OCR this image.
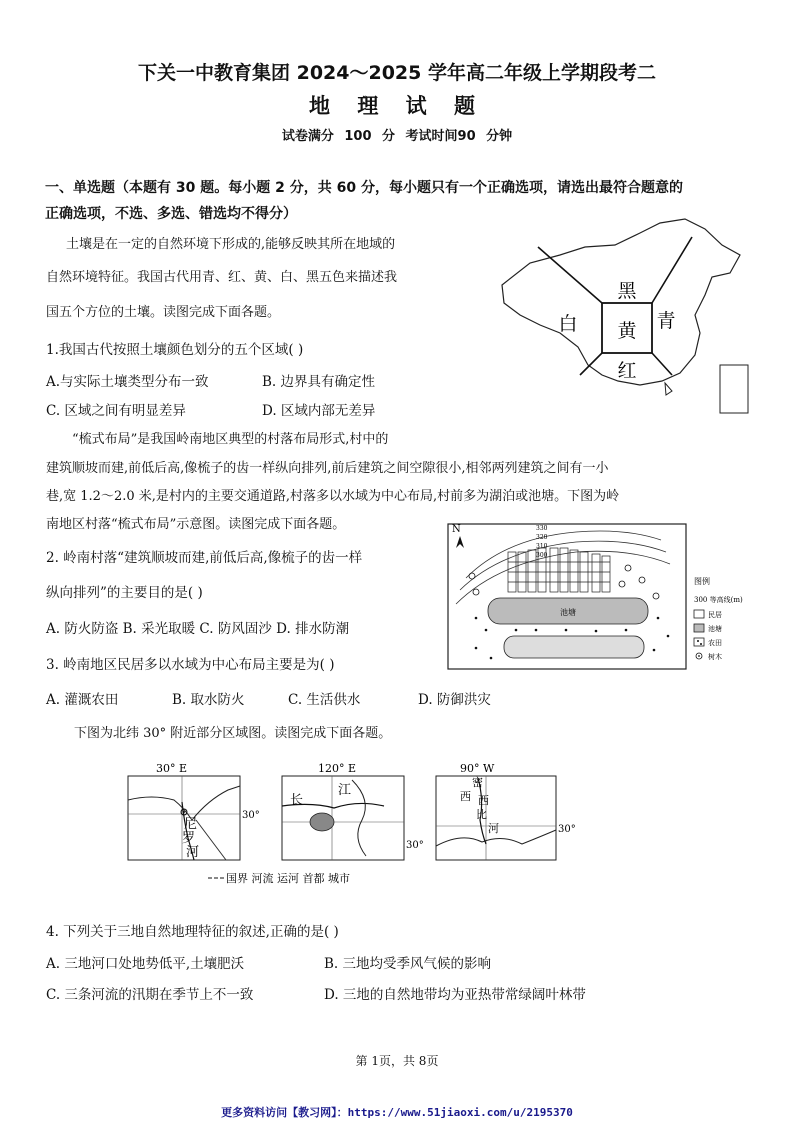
下关一中教育集团 2024～2025 学年高二年级上学期段考二
地 理 试 题
试卷满分 100 分 考试时间90 分钟
一、单选题（本题有 30 题。每小题 2 分，共 60 分，每小题只有一个正确选项，请选出最符合题意的
正确选项，不选、多选、错选均不得分）
土壤是在一定的自然环境下形成的,能够反映其所在地域的
自然环境特征。我国古代用青、红、黄、白、黑五色来描述我
国五个方位的土壤。读图完成下面各题。
黑
白 黄 青
红
1.我国古代按照土壤颜色划分的五个区域( )
A.与实际土壤类型分布一致	B. 边界具有确定性
C. 区域之间有明显差异	D. 区域内部无差异
“梳式布局”是我国岭南地区典型的村落布局形式,村中的
建筑顺坡而建,前低后高,像梳子的齿一样纵向排列,前后建筑之间空隙很小,相邻两列建筑之间有一小
巷,宽 1.2～2.0 米,是村内的主要交通道路,村落多以水域为中心布局,村前多为湖泊或池塘。下图为岭
南地区村落“梳式布局”示意图。读图完成下面各题。	N	330
320
310
300
池塘
图例
300 等高线(m)
民居
池塘
农田
树木
2. 岭南村落“建筑顺坡而建,前低后高,像梳子的齿一样
纵向排列”的主要目的是( )
A. 防火防盗 B. 采光取暖 C. 防风固沙 D. 排水防潮
3. 岭南地区民居多以水域为中心布局主要是为( )
A. 灌溉农田	B. 取水防火	C. 生活供水	D. 防御洪灾
下图为北纬 30° 附近部分区域图。读图完成下面各题。
30° E
30°
尼
罗
河
120° E
30°
长
江
90° W
30°
密
西 西
比
河
国界 河流 运河 首都 城市
4. 下列关于三地自然地理特征的叙述,正确的是( )
A. 三地河口处地势低平,土壤肥沃	B. 三地均受季风气候的影响
C. 三条河流的汛期在季节上不一致	D. 三地的自然地带均为亚热带常绿阔叶林带
第 1页，共 8页
更多资料访问【教习网】：https://www.51jiaoxi.com/u/2195370
